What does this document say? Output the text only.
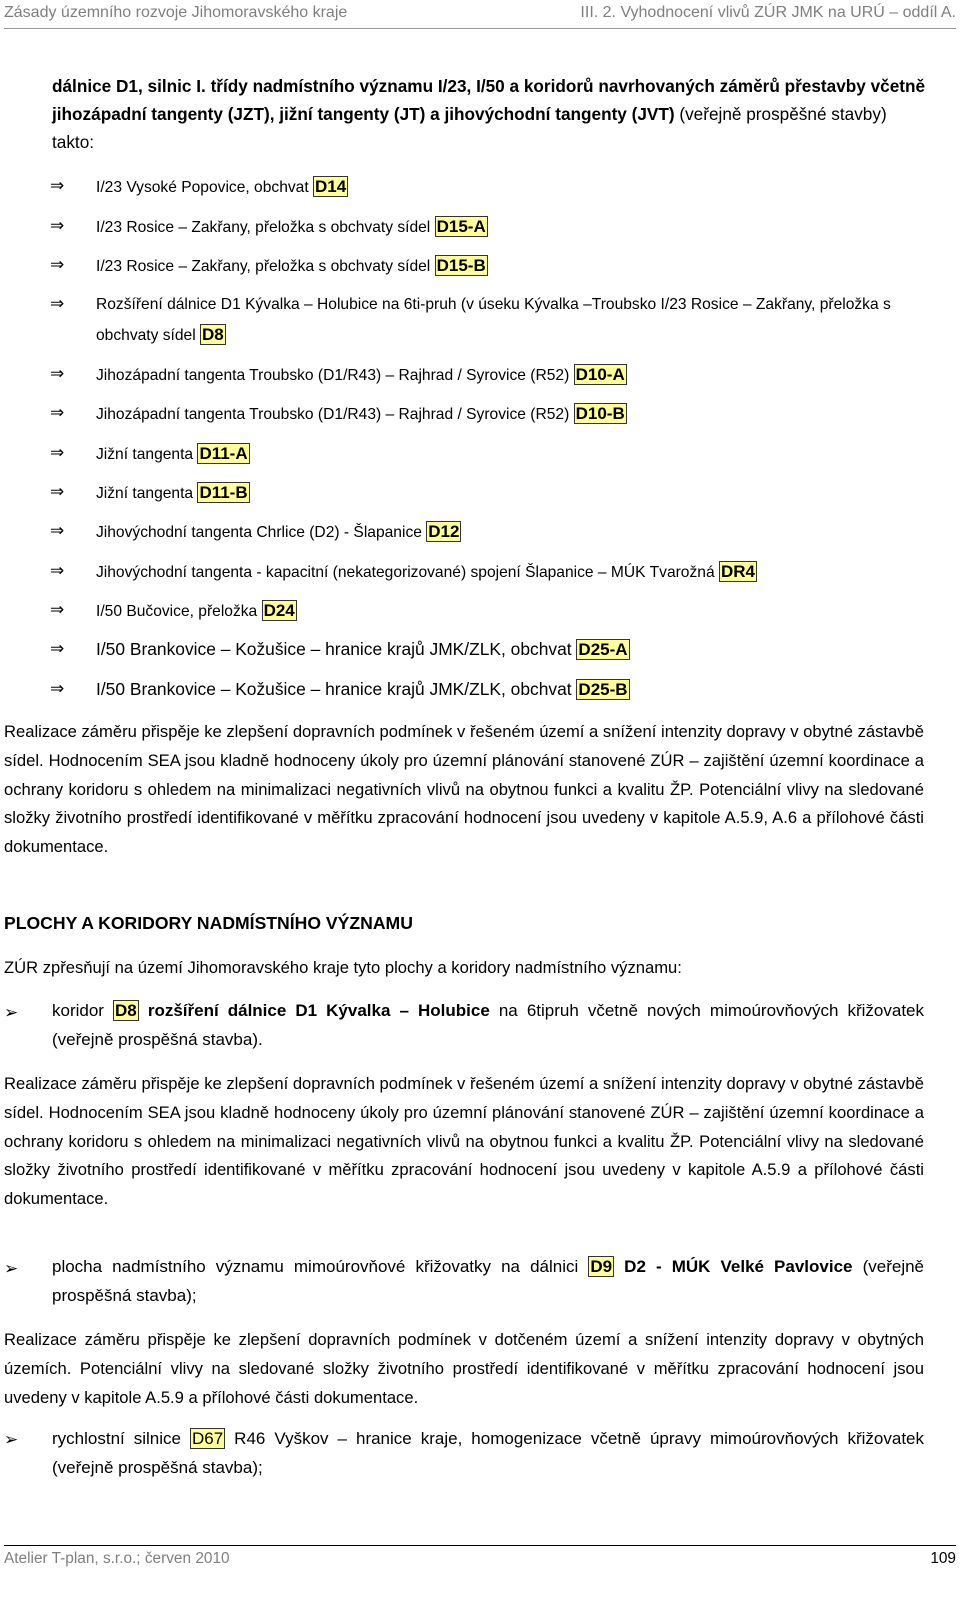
Zásady územního rozvoje Jihomoravského kraje	III. 2. Vyhodnocení vlivů ZÚR JMK na URÚ – oddíl A.

dálnice D1, silnic I. třídy nadmístního významu I/23, I/50 a koridorů navrhovaných záměrů přestavby včetně jihozápadní tangenty (JZT), jižní tangenty (JT) a jihovýchodní tangenty (JVT) (veřejně prospěšné stavby) takto:

⇒ I/23 Vysoké Popovice, obchvat D14

⇒ I/23 Rosice – Zakřany, přeložka s obchvaty sídel D15-A

⇒ I/23 Rosice – Zakřany, přeložka s obchvaty sídel D15-B

⇒ Rozšíření dálnice D1 Kývalka – Holubice na 6ti-pruh (v úseku Kývalka –Troubsko I/23 Rosice – Zakřany, přeložka s obchvaty sídel D8

⇒ Jihozápadní tangenta Troubsko (D1/R43) – Rajhrad / Syrovice (R52) D10-A

⇒ Jihozápadní tangenta Troubsko (D1/R43) – Rajhrad / Syrovice (R52) D10-B

⇒ Jižní tangenta D11-A

⇒ Jižní tangenta D11-B

⇒ Jihovýchodní tangenta Chrlice (D2) - Šlapanice D12

⇒ Jihovýchodní tangenta - kapacitní (nekategorizované) spojení Šlapanice – MÚK Tvarožná DR4

⇒ I/50 Bučovice, přeložka D24

⇒ I/50 Brankovice – Kožušice – hranice krajů JMK/ZLK, obchvat D25-A

⇒ I/50 Brankovice – Kožušice – hranice krajů JMK/ZLK, obchvat D25-B

Realizace záměru přispěje ke zlepšení dopravních podmínek v řešeném území a snížení intenzity dopravy v obytné zástavbě sídel. Hodnocením SEA jsou kladně hodnoceny úkoly pro územní plánování stanovené ZÚR – zajištění územní koordinace a ochrany koridoru s ohledem na minimalizaci negativních vlivů na obytnou funkci a kvalitu ŽP. Potenciální vlivy na sledované složky životního prostředí identifikované v měřítku zpracování hodnocení jsou uvedeny v kapitole A.5.9, A.6 a přílohové části dokumentace.

PLOCHY A KORIDORY NADMÍSTNÍHO VÝZNAMU

ZÚR zpřesňují na území Jihomoravského kraje tyto plochy a koridory nadmístního významu:

➢ koridor D8 rozšíření dálnice D1 Kývalka – Holubice na 6tipruh včetně nových mimoúrovňových křižovatek (veřejně prospěšná stavba).

Realizace záměru přispěje ke zlepšení dopravních podmínek v řešeném území a snížení intenzity dopravy v obytné zástavbě sídel. Hodnocením SEA jsou kladně hodnoceny úkoly pro územní plánování stanovené ZÚR – zajištění územní koordinace a ochrany koridoru s ohledem na minimalizaci negativních vlivů na obytnou funkci a kvalitu ŽP. Potenciální vlivy na sledované složky životního prostředí identifikované v měřítku zpracování hodnocení jsou uvedeny v kapitole A.5.9 a přílohové části dokumentace.

➢ plocha nadmístního významu mimoúrovňové křižovatky na dálnici D9 D2 - MÚK Velké Pavlovice (veřejně prospěšná stavba);

Realizace záměru přispěje ke zlepšení dopravních podmínek v dotčeném území a snížení intenzity dopravy v obytných územích. Potenciální vlivy na sledované složky životního prostředí identifikované v měřítku zpracování hodnocení jsou uvedeny v kapitole A.5.9 a přílohové části dokumentace.

➢ rychlostní silnice D67 R46 Vyškov – hranice kraje, homogenizace včetně úpravy mimoúrovňových křižovatek (veřejně prospěšná stavba);

Atelier T-plan, s.r.o.; červen 2010	109
